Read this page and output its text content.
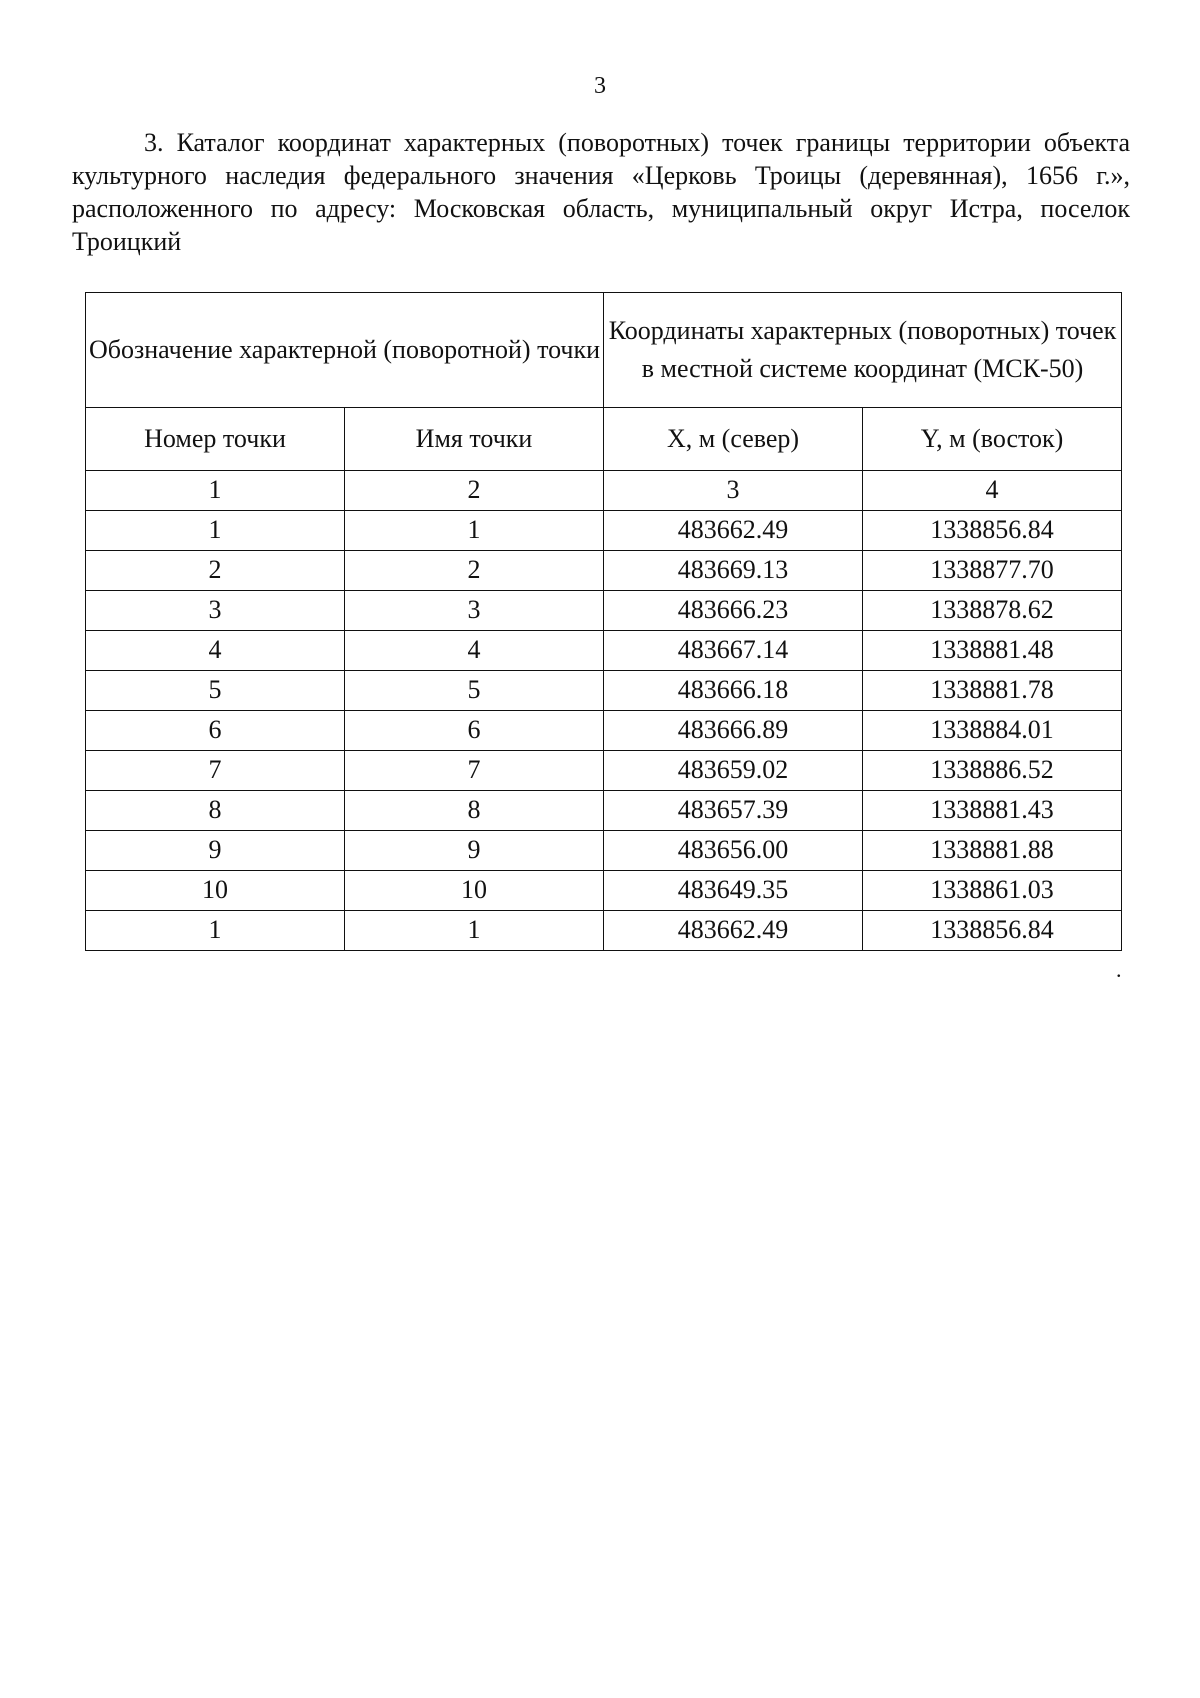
3

3. Каталог координат характерных (поворотных) точек границы территории объекта культурного наследия федерального значения «Церковь Троицы (деревянная), 1656 г.», расположенного по адресу: Московская область, муниципальный округ Истра, поселок Троицкий

Обозначение характерной (поворотной) точки		Координаты характерных (поворотных) точек в местной системе координат (МСК-50)	
Номер точки	Имя точки	X, м (север)	Y, м (восток)
1	2	3	4
1	1	483662.49	1338856.84
2	2	483669.13	1338877.70
3	3	483666.23	1338878.62
4	4	483667.14	1338881.48
5	5	483666.18	1338881.78
6	6	483666.89	1338884.01
7	7	483659.02	1338886.52
8	8	483657.39	1338881.43
9	9	483656.00	1338881.88
10	10	483649.35	1338861.03
1	1	483662.49	1338856.84
.
